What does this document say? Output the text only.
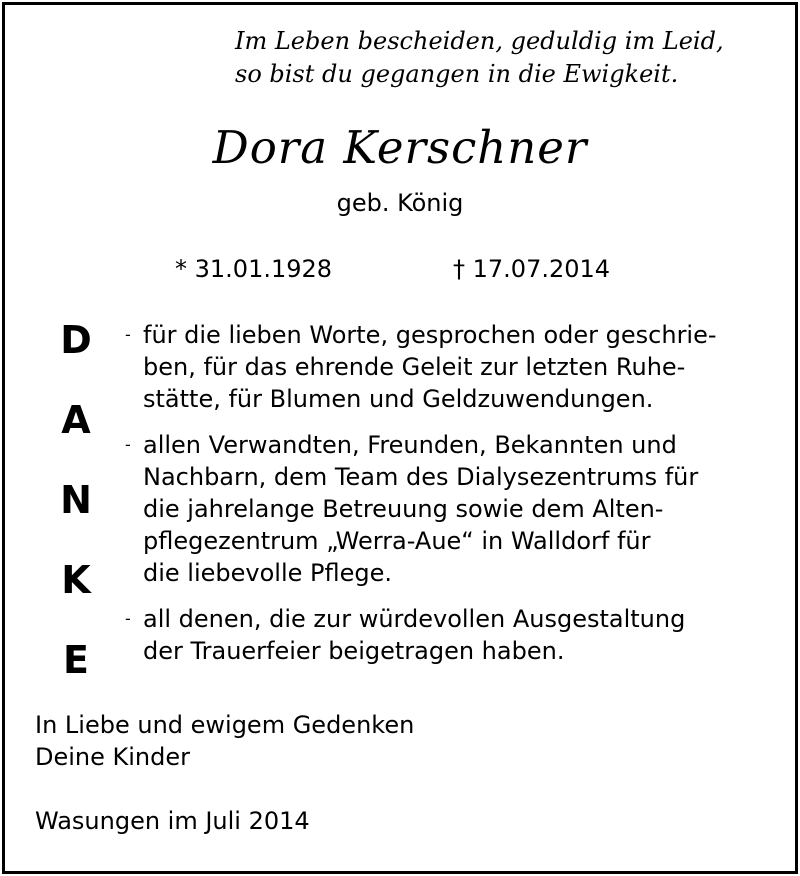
Im Leben bescheiden, geduldig im Leid,
so bist du gegangen in die Ewigkeit.
Dora Kerschner
geb. König
* 31.01.1928	† 17.07.2014
D
A
N
K
E
- für die lieben Worte, gesprochen oder geschrie-
ben, für das ehrende Geleit zur letzten Ruhe-
stätte, für Blumen und Geldzuwendungen.
- allen Verwandten, Freunden, Bekannten und
Nachbarn, dem Team des Dialysezentrums für
die jahrelange Betreuung sowie dem Alten-
pflegezentrum „Werra-Aue“ in Walldorf für
die liebevolle Pflege.
- all denen, die zur würdevollen Ausgestaltung
der Trauerfeier beigetragen haben.
In Liebe und ewigem Gedenken
Deine Kinder
Wasungen im Juli 2014
